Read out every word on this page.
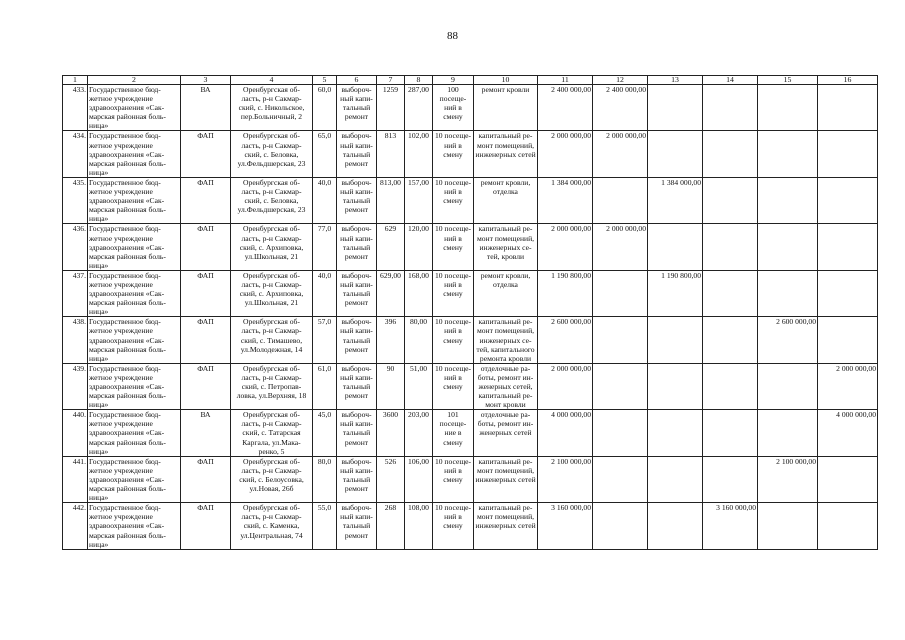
88
1	2	3	4	5	6	7	8	9	10	11	12	13	14	15	16
433.	Государственное бюд-
жетное учреждение
здравоохранения «Сак-
марская районная боль-
ница»	ВА	Оренбургская об-
ласть, р-н Сакмар-
ский, с. Никольское,
пер.Больничный, 2	60,0	выбороч-
ный капи-
тальный
ремонт	1259	287,00	100 посеще-
ний в смену	ремонт кровли	2 400 000,00	2 400 000,00				
434.	Государственное бюд-
жетное учреждение
здравоохранения «Сак-
марская районная боль-
ница»	ФАП	Оренбургская об-
ласть, р-н Сакмар-
ский, с. Беловка,
ул.Фельдшерская, 23	65,0	выбороч-
ный капи-
тальный
ремонт	813	102,00	10 посеще-
ний в смену	капитальный ре-
монт помещений,
инженерных сетей	2 000 000,00	2 000 000,00				
435.	Государственное бюд-
жетное учреждение
здравоохранения «Сак-
марская районная боль-
ница»	ФАП	Оренбургская об-
ласть, р-н Сакмар-
ский, с. Беловка,
ул.Фельдшерская, 23	40,0	выбороч-
ный капи-
тальный
ремонт	813,00	157,00	10 посеще-
ний в смену	ремонт кровли,
отделка	1 384 000,00		1 384 000,00			
436.	Государственное бюд-
жетное учреждение
здравоохранения «Сак-
марская районная боль-
ница»	ФАП	Оренбургская об-
ласть, р-н Сакмар-
ский, с. Архиповка,
ул.Школьная, 21	77,0	выбороч-
ный капи-
тальный
ремонт	629	120,00	10 посеще-
ний в смену	капитальный ре-
монт помещений,
инженерных се-
тей, кровли	2 000 000,00	2 000 000,00				
437.	Государственное бюд-
жетное учреждение
здравоохранения «Сак-
марская районная боль-
ница»	ФАП	Оренбургская об-
ласть, р-н Сакмар-
ский, с. Архиповка,
ул.Школьная, 21	40,0	выбороч-
ный капи-
тальный
ремонт	629,00	168,00	10 посеще-
ний в смену	ремонт кровли,
отделка	1 190 800,00		1 190 800,00			
438.	Государственное бюд-
жетное учреждение
здравоохранения «Сак-
марская районная боль-
ница»	ФАП	Оренбургская об-
ласть, р-н Сакмар-
ский, с. Тимашево,
ул.Молодежная, 14	57,0	выбороч-
ный капи-
тальный
ремонт	396	80,00	10 посеще-
ний в смену	капитальный ре-
монт помещений,
инженерных се-
тей, капитального
ремонта кровли	2 600 000,00				2 600 000,00	
439.	Государственное бюд-
жетное учреждение
здравоохранения «Сак-
марская районная боль-
ница»	ФАП	Оренбургская об-
ласть, р-н Сакмар-
ский, с. Петропав-
ловка, ул.Верхняя, 18	61,0	выбороч-
ный капи-
тальный
ремонт	90	51,00	10 посеще-
ний в смену	отделочные ра-
боты, ремонт ин-
женерных сетей,
капитальный ре-
монт кровли	2 000 000,00					2 000 000,00
440.	Государственное бюд-
жетное учреждение
здравоохранения «Сак-
марская районная боль-
ница»	ВА	Оренбургская об-
ласть, р-н Сакмар-
ский, с. Татарская
Каргала, ул.Мака-
ренко, 5	45,0	выбороч-
ный капи-
тальный
ремонт	3600	203,00	101 посеще-
ние в смену	отделочные ра-
боты, ремонт ин-
женерных сетей	4 000 000,00					4 000 000,00
441.	Государственное бюд-
жетное учреждение
здравоохранения «Сак-
марская районная боль-
ница»	ФАП	Оренбургская об-
ласть, р-н Сакмар-
ский, с. Белоусовка,
ул.Новая, 26б	80,0	выбороч-
ный капи-
тальный
ремонт	526	106,00	10 посеще-
ний в смену	капитальный ре-
монт помещений,
инженерных сетей	2 100 000,00				2 100 000,00	
442.	Государственное бюд-
жетное учреждение
здравоохранения «Сак-
марская районная боль-
ница»	ФАП	Оренбургская об-
ласть, р-н Сакмар-
ский, с. Каменка,
ул.Центральная, 74	55,0	выбороч-
ный капи-
тальный
ремонт	268	108,00	10 посеще-
ний в смену	капитальный ре-
монт помещений,
инженерных сетей	3 160 000,00			3 160 000,00		
